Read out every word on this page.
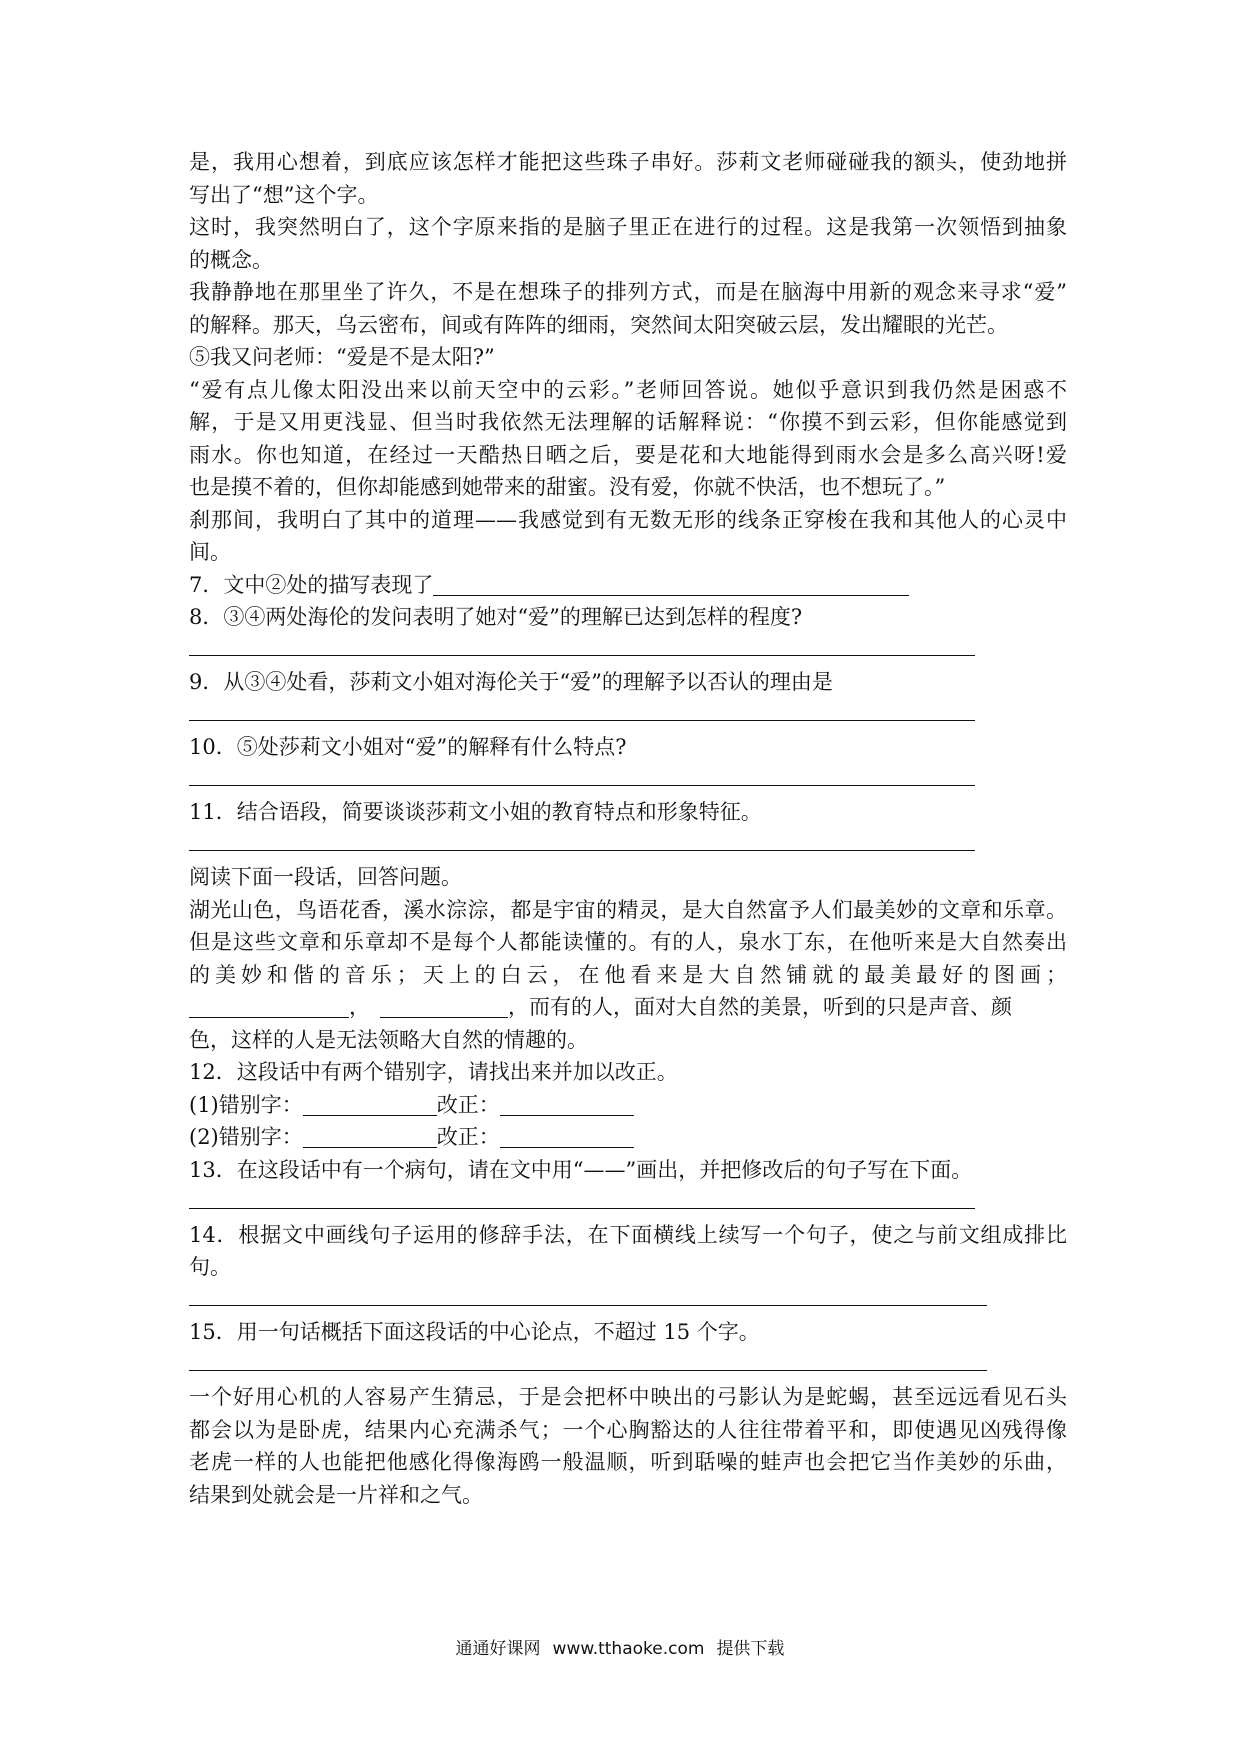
是，我用心想着，到底应该怎样才能把这些珠子串好。莎莉文老师碰碰我的额头，使劲地拼
写出了“想”这个字。
这时，我突然明白了，这个字原来指的是脑子里正在进行的过程。这是我第一次领悟到抽象
的概念。
我静静地在那里坐了许久，不是在想珠子的排列方式，而是在脑海中用新的观念来寻求“爱”
的解释。那天，乌云密布，间或有阵阵的细雨，突然间太阳突破云层，发出耀眼的光芒。
⑤我又问老师：“爱是不是太阳?”
“爱有点儿像太阳没出来以前天空中的云彩。”老师回答说。她似乎意识到我仍然是困惑不
解，于是又用更浅显、但当时我依然无法理解的话解释说：“你摸不到云彩，但你能感觉到
雨水。你也知道，在经过一天酷热日晒之后，要是花和大地能得到雨水会是多么高兴呀!爱
也是摸不着的，但你却能感到她带来的甜蜜。没有爱，你就不快活，也不想玩了。”
刹那间，我明白了其中的道理——我感觉到有无数无形的线条正穿梭在我和其他人的心灵中
间。
7．文中②处的描写表现了
8．③④两处海伦的发问表明了她对“爱”的理解已达到怎样的程度?
9．从③④处看，莎莉文小姐对海伦关于“爱”的理解予以否认的理由是
10．⑤处莎莉文小姐对“爱”的解释有什么特点?
11．结合语段，简要谈谈莎莉文小姐的教育特点和形象特征。
阅读下面一段话，回答问题。
湖光山色，鸟语花香，溪水淙淙，都是宇宙的精灵，是大自然富予人们最美妙的文章和乐章。
但是这些文章和乐章却不是每个人都能读懂的。有的人，泉水丁东，在他听来是大自然奏出
的美妙和偕的音乐；天上的白云，在他看来是大自然铺就的最美最好的图画；
，	，而有的人，面对大自然的美景，听到的只是声音、颜
色，这样的人是无法领略大自然的情趣的。
12．这段话中有两个错别字，请找出来并加以改正。
(1)错别字：	改正：
(2)错别字：	改正：
13．在这段话中有一个病句，请在文中用“——”画出，并把修改后的句子写在下面。
14．根据文中画线句子运用的修辞手法，在下面横线上续写一个句子，使之与前文组成排比
句。
15．用一句话概括下面这段话的中心论点，不超过 15 个字。
一个好用心机的人容易产生猜忌，于是会把杯中映出的弓影认为是蛇蝎，甚至远远看见石头
都会以为是卧虎，结果内心充满杀气；一个心胸豁达的人往往带着平和，即使遇见凶残得像
老虎一样的人也能把他感化得像海鸥一般温顺，听到聒噪的蛙声也会把它当作美妙的乐曲，
结果到处就会是一片祥和之气。
通通好课网 www.tthaoke.com 提供下载
